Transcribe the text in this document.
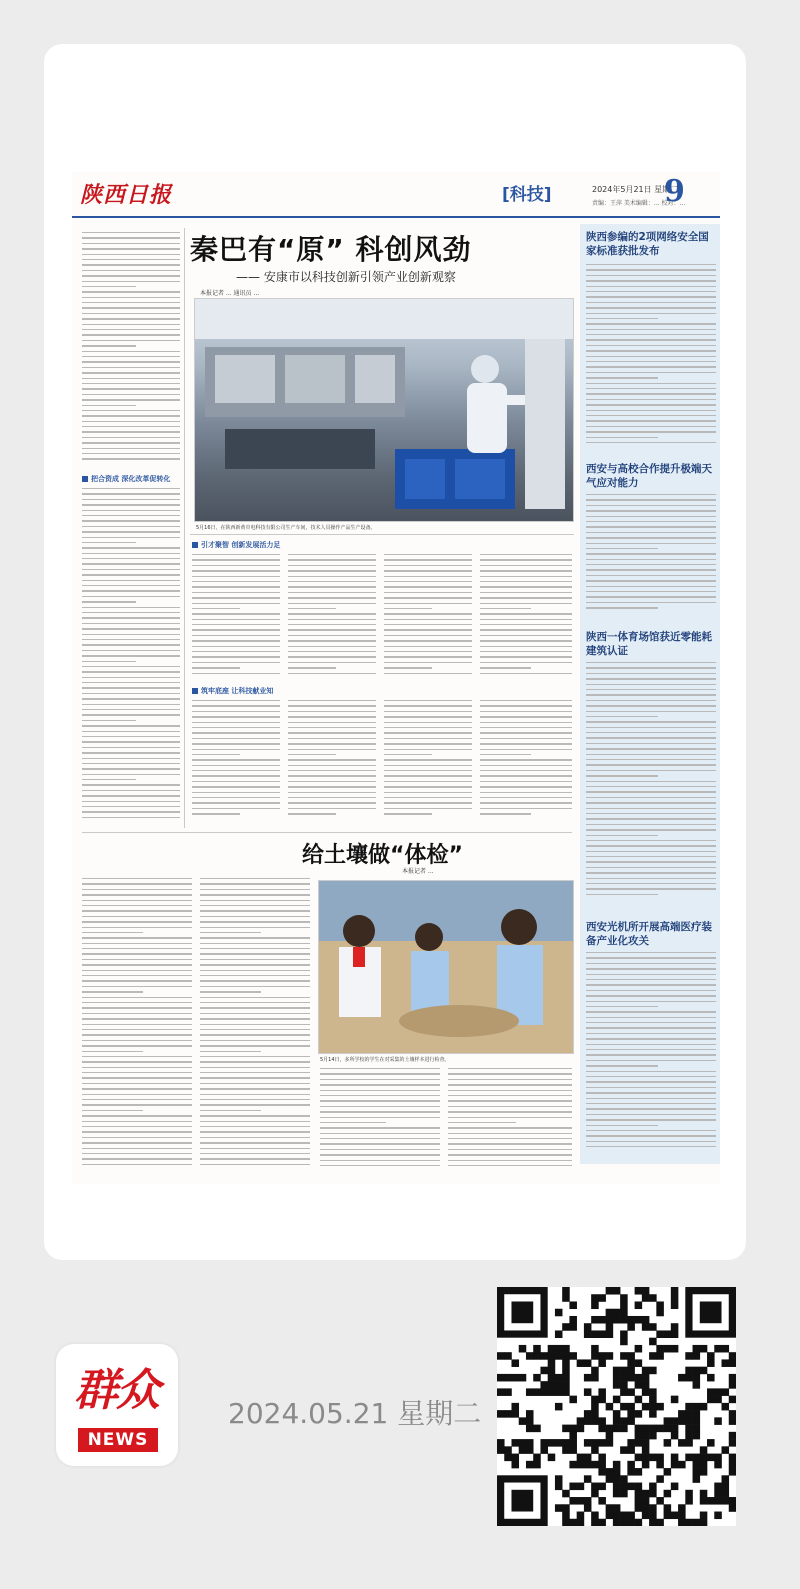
陕西日报	[科技]	2024年5月21日 星期二
责编：王萍 美术编辑：... 校对：...
9
把合资成 深化改革促转化
秦巴有“原” 科创风劲
—— 安康市以科技创新引领产业创新观察
本报记者 ... 通讯员 ...
5月16日，在陕西新黄巾电科技有限公司生产车间，技术人员操作产品生产设备。
引才聚智 创新发展活力足
筑牢底座 让科技献业知
给土壤做“体检”
本报记者 ...
5月14日，多所学校的学生在对采集的土壤样本进行检查。
陕西参编的2项网络安全国家标准获批发布
西安与高校合作提升极端天气应对能力
陕西一体育场馆获近零能耗建筑认证
西安光机所开展高端医疗装备产业化攻关
群众
NEWS
2024.05.21 星期二
